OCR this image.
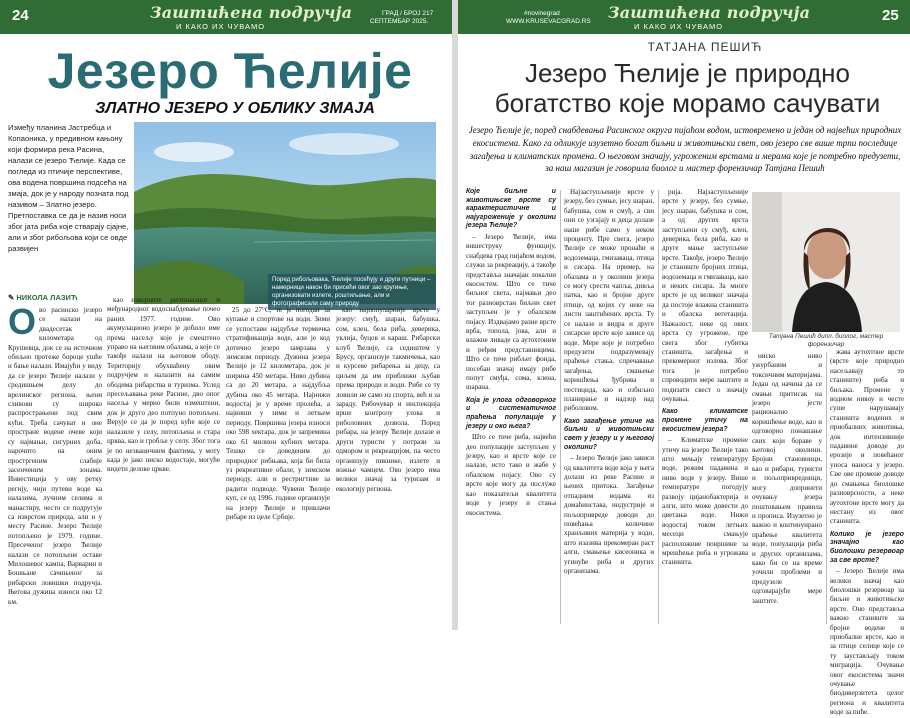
24	Заштићена подручја
И КАКО ИХ ЧУВАМО
ГРАД / БРОЈ 217
СЕПТЕМБАР 2025.
#novinegrad
WWW.KRUSEVACGRAD.RS Заштићена подручја
И КАКО ИХ ЧУВАМО
25
Језеро Ћелије
ЗЛАТНО ЈЕЗЕРО У ОБЛИКУ ЗМАЈА
Између планина Јастребца и Копаоника, у предивном кањону који формира река Расина, налази се језеро Ћелије. Када се погледа из птичије перспективе, ова водена површина подсећа на змаја, док је у народу позната под називом – Златно језеро. Претпоставка се да је назив носи због јата риба које стварају сјајне, али и због рибољова који се овде развијен
Поред рибољовака, Ћелије посећују и други путници – намерници након би присећи овог зао кругиње, организовати излете, роштиљање, али и фотографисали саму природу
✎ НИКОЛА ЛАЗИЋ
О во расинско језеро се налази на двадесетак километара од Крушевца, док се на источном обиљно протеже бороце ушће и бање налази. Имајући у виду да се језеро Ћелије налази у средишњем делу до врелинског региона, њени сливови су широко распрострањени под свим кући. Треба сачуват и оне простране водене очеве који су најмањи, сигурних доба, нарочито на оним простргеним слабије засенченим зонама. Инвестиција у ову ретку регију, чији путеви воде ка налазима, лучним селима и манастиру, често се подругује са изврстом природа, али и у месту Расине. Језеро Ћелије потопљено је 1979. године. Пресеченог језеро Ћелије налази се потопљене оставе Милошевог кампа, Варварин и Бошњане сачињеног за рибарски ловишки подручја. Његова дужина износи око 12 км.

као изворните регионалног и међународног водоснабдевање почео раних 1977. године. Ово акумулационо језеро је добило име према насељу које је смештено управо на његовим обалама, а које се такође налази на његовом ободу. Територију обухваћену овим подручјем и налазити на самим ободима рибарства и туризма. Услед пресељавања реке Расине, дво опог насеља у мерно били измештени, док је друго део потпуно потопљен. Верује се да је поред куће које се налазиле у селу, потопљена и стара црква, као и гробље у селу. Због тога је по незваничним фактима, у моту када је јако ниско водостаје, могуће видети делове цркве.

25 до 27°C, те је погодан за купање и спортове на води. Зими се успостави најдубље термичка стратификација воде, али је код дотично језеро замрзава у зимском периоду. Дужина језера Ћелије је 12 километара, док је ширина 450 метара. Ниво дубина са до 20 метара, а најдубља дубина око 45 метара. Најнижи водостај је у време пролећа, а највиши у зими и летњем периоду. Површина језера износи око 598 хектара, док је запремина око 61 милион кубних метара. Тешко се доведеним до природног рибњака, која би била уз рекреативне обале, у зимском периоду, али и рестригтиве за радити подводе. Чувени Ћелије куп, се од 1996. године организује на језеру Ћелије и привлачи рибаре из целе Србије.

као најпопуларније врсте у језеру: смуђ, шаран, бабушка, сом, клен, бела риба, деверика, уклија, буцов и караш. Рибарски клуб Ћелије, са седиштем у Брусу, организује такмичења, као и курсеве рибарења за децу, са циљем да им приближи љубав према природи и води. Рибе се ту ловили не само из спорта, већ и за зараду. Рибочувар и инспекција врше контролу улова и риболовних дозвола. Поред рибара, на језеру Ћелије долазе и други туристи у потрази за одмором и рекреацијом, па често организују пикнике, излете и вожње чамцем. Ово језеро има велики значај за туризам и екологију региона.

ТАТЈАНА ПЕШИЋ
Језеро Ћелије је природно богатство које морамо сачувати
Језеро Ћелије је, поред снабдевања Расинског округа пијаћом водом, истовремено и један од највећих природних екосистема. Како га одликује изузетно богат биљни и животињски свет, ово језеро све више трпи последице загађења и климатских промена. О његовом значају, угроженим врстама и мерама које је потребно предузети, за наш магазин је говорила биолог и мастер форензичар Татјана Пешић
Које биљне и животињске врсте су карактеристичне и најугроженије у околини језера Ћелије?

– Језеро Ћелије, има вишеструку функцију, снабдева град пијаћом водом, служи за рекреацију, а такође представља значајан локални екосистем. Што се тиче биљног света, најмањи део тог разноврстан биљни свет заступљен је у обалском појасу. Издвајамо разне врсте врба, топола, јова, али и влажне ливаде са аутохтоним и ређим представницима. Што се тиче рибљег фонда, посебан значај имају рибе попут смуђа, сома, клена, шарана.

Која је улога одговорног и систематичног праћења популације у језеру и око њега?

Што се тиче риба, највећи део популације заступљен у језеру, као и врсте које се налазе, исто тако и жабе у обалском појасу. Ово су врсте које могу да послуже као показатељи квалитета воде у језеру и стања екосистема.

Најзаступљеније врсте у језеру, без сумње, јесу шаран, бабушка, сом и смуђ, а сви они се узгајају и деца долазе наше рибе само у неком проценту. Пре свега, језеро Ћелије се може пронаћи и водоземаца, гмизаваца, птица и сисара. На пример, на обалама и у околини језера се могу срести чапља, дивља патка, као и бројне друге птице, од којих су неке на листи заштићених врста. Ту се налазе и видра и друге сисарске врсте које зависе од воде. Мере које је потребно предузети подразумевају праћење стања, спречавање загађења, смањење коришћења ђубрива и пестицида, као и озбиљно планирање и надзор над риболовом.

Како загађење утиче на биљни и животињски свет у језеру и у његовој околини?

– Језеро Ћелије јако зависи од квалитета воде која у њега долази из реке Расине и њених притока. Загађење отпадним водама из домаћинстава, индустрије и пољопривреде доводи до повећања количине хранљивих материја у води, што изазива прекомеран раст алги, смањење кисеоника и угинуће риба и других организама.

рија. Најзаступљеније врсте у језеру, без сумње, јесу шаран, бабушка и сом, а од других врста заступљени су смуђ, клен, деверика, бела риба, као и друге мање заступљене врсте. Такође, језеро Ћелије је станиште бројних птица, водоземаца и гмизаваца, као и неких сисара. За многе врсте је од великог значаја да постоје влажна станишта и обалска вегетација. Нажалост, неке од ових врста су угрожене, пре свега због губитка станишта, загађења и прекомерног излова. Због тога је потребно спроводити мере заштите и подизати свест о значају очувања.

Како климатске промене утичу на екосистем језера?

– Климатске промене утичу на језеро Ћелије тако што мењају температуру воде, режим падавина и ниво воде у језеру. Више температуре погодују развоју цијанобактерија и алги, што може довести до цветања воде. Нижи водостај током летњих месеци смањује расположиве површине за мрешћење риба и угрожава станишта.

Татјана Пешић дипл. биолог, мастер форензичар

ниско ниво ужурбаним и токсичним материјама. Један од начина да се смањи притисак на језеро јесте рационално коришћење воде, као и одговорно понашање свих који бораве у његовој околини. Бројни становници, као и рибари, туристи и пољопривредници, могу допринети очувању језера поштовањем правила и прописа. Изузетно је важно и континуирано праћење квалитета воде, популација риба и других организама, како би се на време уочили проблеми и предузеле одговарајуће мере заштите.

жава аутохтоне врсте (врсте које природно насељавају то станиште) риба и биљака. Промене у водном нивоу и честе суше нарушавају станишта водених и приобалних животиња, док интензивније падавине доводе до ерозије и повећаног уноса наноса у језеро. Све ове промене доводе до смањења биолошке разноврсности, а неке аутохтоне врсте могу да нестану из овог станишта.

Колико је језеро значајно као биолошки резервоар за све врсте?

– Језеро Ћелије има велики значај као биолошки резервоар за биљне и животињске врсте. Оно представља важно станиште за бројне водене и приобалне врсте, као и за птице селице које се ту заустављају током миграција. Очување овог екосистема значи очување биодиверзитета целог региона и квалитета воде за пиће.
